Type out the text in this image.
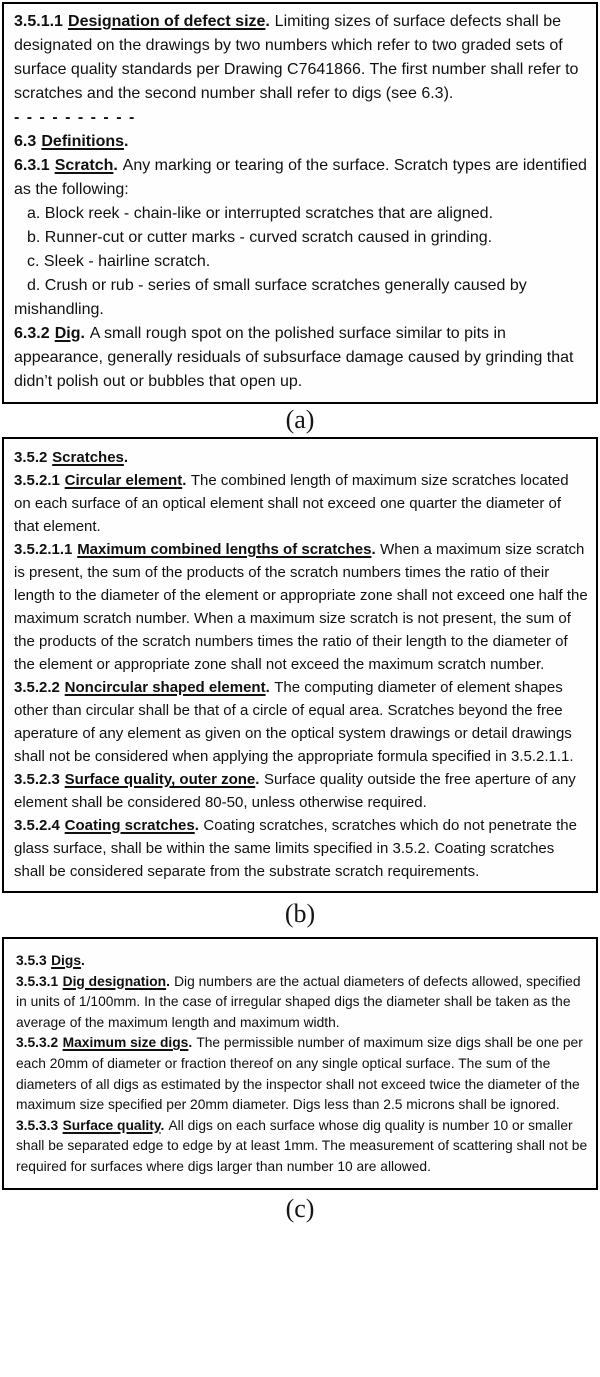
3.5.1.1 Designation of defect size. Limiting sizes of surface defects shall be designated on the drawings by two numbers which refer to two graded sets of surface quality standards per Drawing C7641866. The first number shall refer to scratches and the second number shall refer to digs (see 6.3).

- - - - - - - - - -

6.3 Definitions.

6.3.1 Scratch. Any marking or tearing of the surface. Scratch types are identified as the following:

a. Block reek - chain-like or interrupted scratches that are aligned.

b. Runner-cut or cutter marks - curved scratch caused in grinding.

c. Sleek - hairline scratch.

d. Crush or rub - series of small surface scratches generally caused by mishandling.

6.3.2 Dig. A small rough spot on the polished surface similar to pits in appearance, generally residuals of subsurface damage caused by grinding that didn’t polish out or bubbles that open up.

(a)

3.5.2 Scratches.

3.5.2.1 Circular element. The combined length of maximum size scratches located on each surface of an optical element shall not exceed one quarter the diameter of that element.

3.5.2.1.1 Maximum combined lengths of scratches. When a maximum size scratch is present, the sum of the products of the scratch numbers times the ratio of their length to the diameter of the element or appropriate zone shall not exceed one half the maximum scratch number. When a maximum size scratch is not present, the sum of the products of the scratch numbers times the ratio of their length to the diameter of the element or appropriate zone shall not exceed the maximum scratch number.

3.5.2.2 Noncircular shaped element. The computing diameter of element shapes other than circular shall be that of a circle of equal area. Scratches beyond the free aperature of any element as given on the optical system drawings or detail drawings shall not be considered when applying the appropriate formula specified in 3.5.2.1.1.

3.5.2.3 Surface quality, outer zone. Surface quality outside the free aperture of any element shall be considered 80-50, unless otherwise required.

3.5.2.4 Coating scratches. Coating scratches, scratches which do not penetrate the glass surface, shall be within the same limits specified in 3.5.2. Coating scratches shall be considered separate from the substrate scratch requirements.

(b)

3.5.3 Digs.

3.5.3.1 Dig designation. Dig numbers are the actual diameters of defects allowed, specified in units of 1/100mm. In the case of irregular shaped digs the diameter shall be taken as the average of the maximum length and maximum width.

3.5.3.2 Maximum size digs. The permissible number of maximum size digs shall be one per each 20mm of diameter or fraction thereof on any single optical surface. The sum of the diameters of all digs as estimated by the inspector shall not exceed twice the diameter of the maximum size specified per 20mm diameter. Digs less than 2.5 microns shall be ignored.

3.5.3.3 Surface quality. All digs on each surface whose dig quality is number 10 or smaller shall be separated edge to edge by at least 1mm. The measurement of scattering shall not be required for surfaces where digs larger than number 10 are allowed.

(c)
